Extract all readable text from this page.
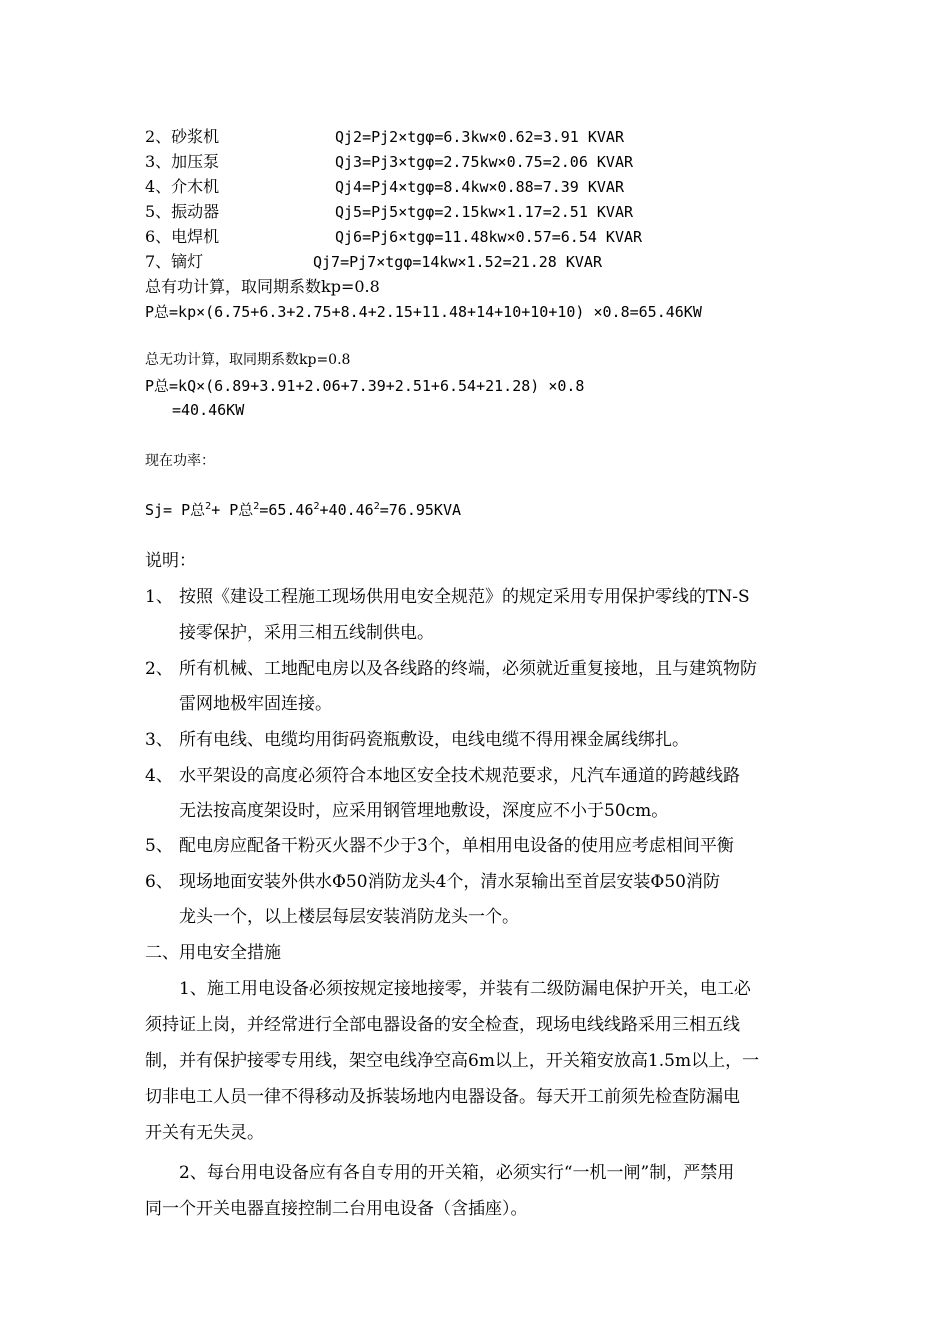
2、砂浆机	Qj2=Pj2×tgφ=6.3kw×0.62=3.91 KVAR
3、加压泵	Qj3=Pj3×tgφ=2.75kw×0.75=2.06 KVAR
4、介木机	Qj4=Pj4×tgφ=8.4kw×0.88=7.39 KVAR
5、振动器	Qj5=Pj5×tgφ=2.15kw×1.17=2.51 KVAR
6、电焊机	Qj6=Pj6×tgφ=11.48kw×0.57=6.54 KVAR
7、镝灯	Qj7=Pj7×tgφ=14kw×1.52=21.28 KVAR
总有功计算，取同期系数kp=0.8
P总=kp×(6.75+6.3+2.75+8.4+2.15+11.48+14+10+10+10) ×0.8=65.46KW
总无功计算，取同期系数kp=0.8
P总=kQ×(6.89+3.91+2.06+7.39+2.51+6.54+21.28) ×0.8
=40.46KW
现在功率：
Sj= P总$^2$+ P总$^2=65.46^2+40.46^2=76.95KVA$
说明：
1、 按照《建设工程施工现场供用电安全规范》的规定采用专用保护零线的TN-S
接零保护，采用三相五线制供电。
2、 所有机械、工地配电房以及各线路的终端，必须就近重复接地，且与建筑物防
雷网地极牢固连接。
3、 所有电线、电缆均用街码瓷瓶敷设，电线电缆不得用裸金属线绑扎。
4、 水平架设的高度必须符合本地区安全技术规范要求，凡汽车通道的跨越线路
无法按高度架设时，应采用钢管埋地敷设，深度应不小于50cm。
5、 配电房应配备干粉灭火器不少于3个，单相用电设备的使用应考虑相间平衡
6、 现场地面安装外供水Φ50消防龙头4个，清水泵输出至首层安装Φ50消防
龙头一个，以上楼层每层安装消防龙头一个。
二、用电安全措施
1、施工用电设备必须按规定接地接零，并装有二级防漏电保护开关，电工必
须持证上岗，并经常进行全部电器设备的安全检查，现场电线线路采用三相五线
制，并有保护接零专用线，架空电线净空高6m以上，开关箱安放高1.5m以上，一
切非电工人员一律不得移动及拆装场地内电器设备。每天开工前须先检查防漏电
开关有无失灵。
2、每台用电设备应有各自专用的开关箱，必须实行“一机一闸”制，严禁用
同一个开关电器直接控制二台用电设备（含插座）。
